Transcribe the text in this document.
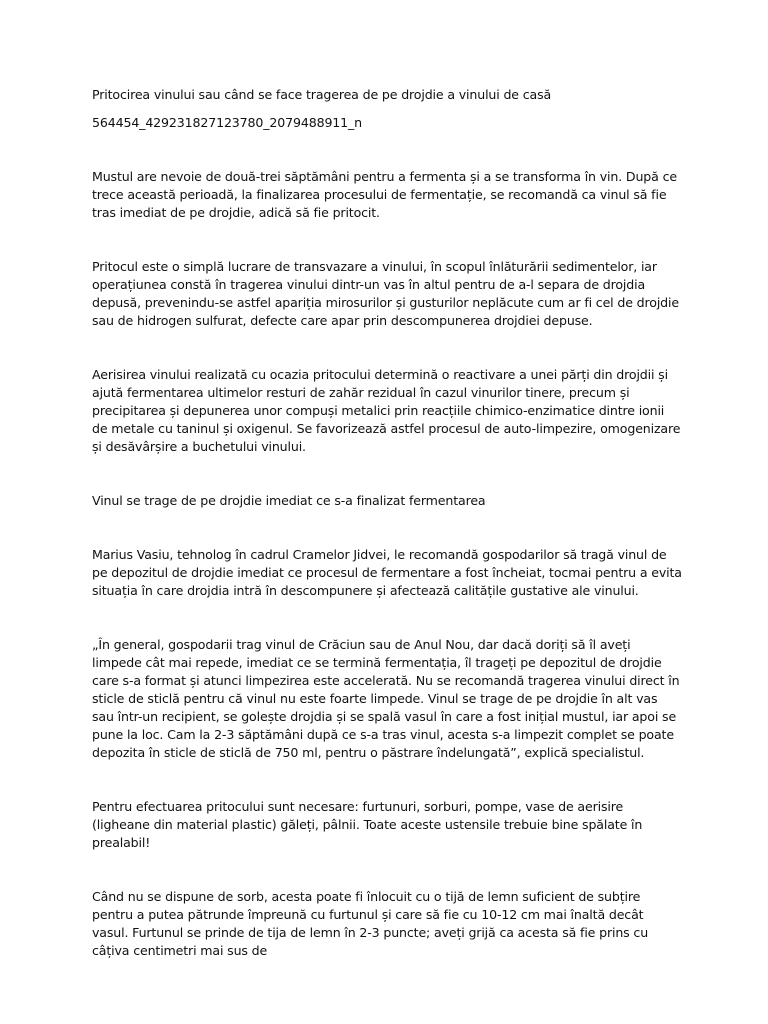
Pritocirea vinului sau când se face tragerea de pe drojdie a vinului de casă

564454_429231827123780_2079488911_n

Mustul are nevoie de două-trei săptămâni pentru a fermenta și a se transforma în vin. După ce trece această perioadă, la finalizarea procesului de fermentație, se recomandă ca vinul să fie tras imediat de pe drojdie, adică să fie pritocit.

Pritocul este o simplă lucrare de transvazare a vinului, în scopul înlăturării sedimentelor, iar operațiunea constă în tragerea vinului dintr-un vas în altul pentru de a-l separa de drojdia depusă, prevenindu-se astfel apariția mirosurilor și gusturilor neplăcute cum ar fi cel de drojdie sau de hidrogen sulfurat, defecte care apar prin descompunerea drojdiei depuse.

Aerisirea vinului realizată cu ocazia pritocului determină o reactivare a unei părți din drojdii și ajută fermentarea ultimelor resturi de zahăr rezidual în cazul vinurilor tinere, precum și precipitarea și depunerea unor compuși metalici prin reacțiile chimico-enzimatice dintre ionii de metale cu taninul și oxigenul. Se favorizează astfel procesul de auto-limpezire, omogenizare și desăvârșire a buchetului vinului.

Vinul se trage de pe drojdie imediat ce s-a finalizat fermentarea

Marius Vasiu, tehnolog în cadrul Cramelor Jidvei, le recomandă gospodarilor să tragă vinul de pe depozitul de drojdie imediat ce procesul de fermentare a fost încheiat, tocmai pentru a evita situația în care drojdia intră în descompunere și afectează calitățile gustative ale vinului.

„În general, gospodarii trag vinul de Crăciun sau de Anul Nou, dar dacă doriți să îl aveți limpede cât mai repede, imediat ce se termină fermentația, îl trageți pe depozitul de drojdie care s-a format și atunci limpezirea este accelerată. Nu se recomandă tragerea vinului direct în sticle de sticlă pentru că vinul nu este foarte limpede. Vinul se trage de pe drojdie în alt vas sau într-un recipient, se golește drojdia și se spală vasul în care a fost inițial mustul, iar apoi se pune la loc. Cam la 2-3 săptămâni după ce s-a tras vinul, acesta s-a limpezit complet se poate depozita în sticle de sticlă de 750 ml, pentru o păstrare îndelungată”, explică specialistul.

Pentru efectuarea pritocului sunt necesare: furtunuri, sorburi, pompe, vase de aerisire (ligheane din material plastic) găleți, pâlnii. Toate aceste ustensile trebuie bine spălate în prealabil!

Când nu se dispune de sorb, acesta poate fi înlocuit cu o tijă de lemn suficient de subțire pentru a putea pătrunde împreună cu furtunul și care să fie cu 10-12 cm mai înaltă decât vasul. Furtunul se prinde de tija de lemn în 2-3 puncte; aveți grijă ca acesta să fie prins cu câțiva centimetri mai sus de
